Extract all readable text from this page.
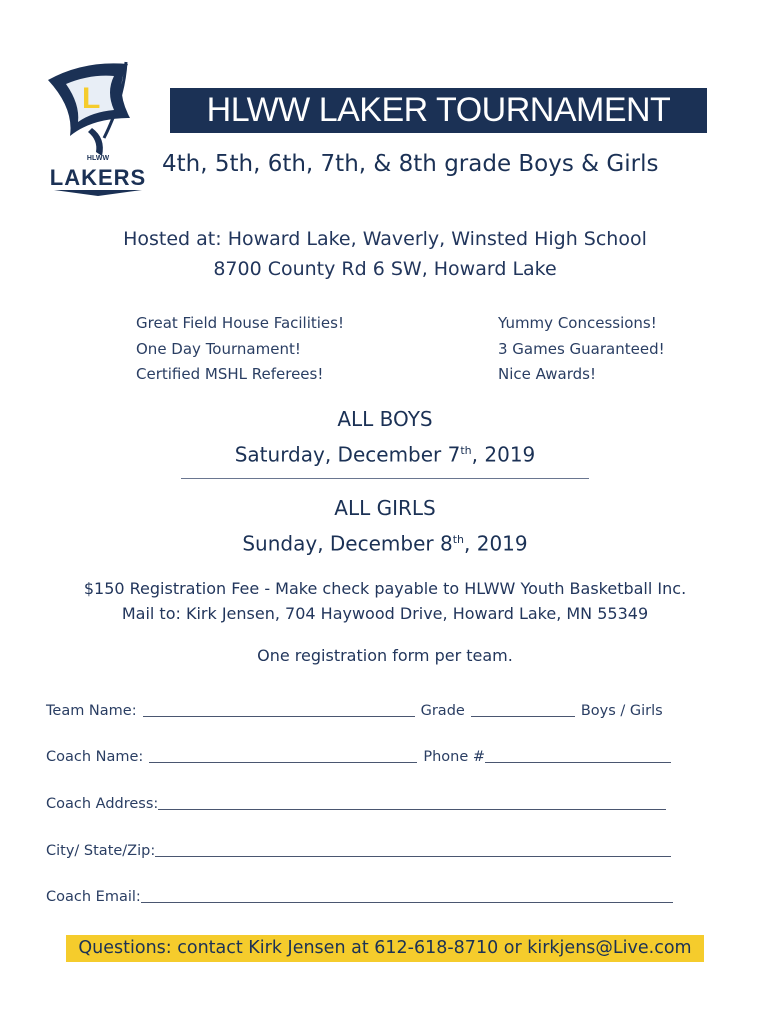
L
HLWW
LAKERS
HLWW LAKER TOURNAMENT
4th, 5th, 6th, 7th, & 8th grade Boys & Girls
Hosted at: Howard Lake, Waverly, Winsted High School
8700 County Rd 6 SW, Howard Lake
Great Field House Facilities!
One Day Tournament!
Certified MSHL Referees!
Yummy Concessions!
3 Games Guaranteed!
Nice Awards!
ALL BOYS
Saturday, December 7th, 2019
ALL GIRLS
Sunday, December 8th, 2019
$150 Registration Fee - Make check payable to HLWW Youth Basketball Inc.
Mail to: Kirk Jensen, 704 Haywood Drive, Howard Lake, MN 55349
One registration form per team.
Team Name:	Grade	Boys / Girls
Coach Name:	Phone #
Coach Address:
City/ State/Zip:
Coach Email:
Questions: contact Kirk Jensen at 612-618-8710 or kirkjens@Live.com
